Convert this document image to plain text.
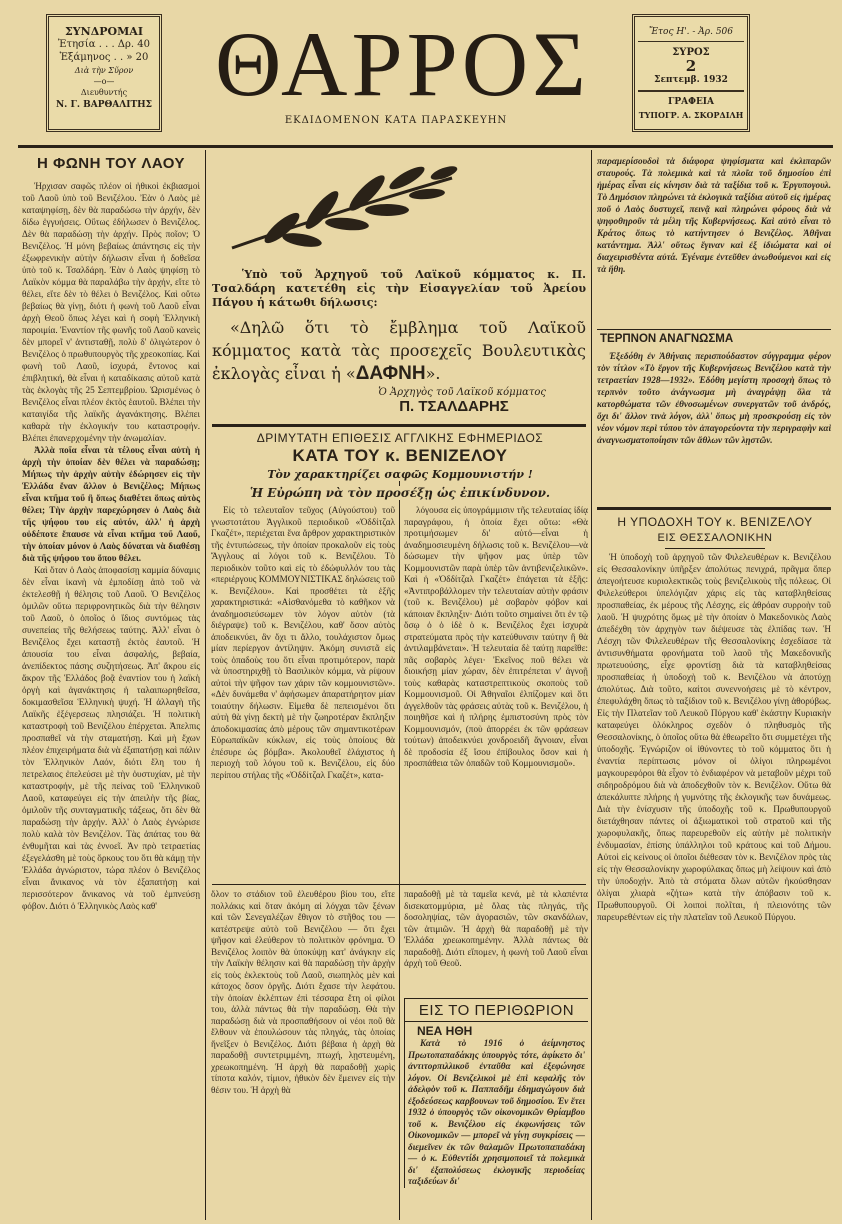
ΣΥΝΔΡΟΜΑΙ
Ἐτησία . . . Δρ. 40
Ἑξάμηνος . . » 20
Διὰ τὴν Σῦρον
—ο—
Διευθυντής
Ν. Γ. ΒΑΡΘΑΛΙΤΗΣ ΘΑΡΡΟΣ
ΕΚΔΙΔΟΜΕΝΟΝ ΚΑΤΑ ΠΑΡΑΣΚΕΥΗΝ
Ἔτος Η'. - Ἀρ. 506
ΣΥΡΟΣ
2
Σεπτεμβ. 1932
ΓΡΑΦΕΙΑ
ΤΥΠΟΓΡ. Α. ΣΚΟΡΔΙΛΗ
Η ΦΩΝΗ ΤΟΥ ΛΑΟΥ

Ἠρχισαν σαφῶς πλέον οἱ ἠθικοὶ ἐκβιασμοὶ τοῦ Λαοῦ ὑπὸ τοῦ Βενιζέλου. Ἐὰν ὁ Λαὸς μὲ καταψηφίσῃ, δὲν θὰ παραδώσω τὴν ἀρχήν, δὲν δίδω ἐγγυήσεις. Οὕτως ἐδήλωσεν ὁ Βενιζέλος. Δὲν θὰ παραδώσῃ τὴν ἀρχήν. Πρὸς ποῖον; Ὁ Βενιζέλος. Ἡ μόνη βεβαίως ἀπάντησις εἰς τὴν ἐξωφρενικὴν αὐτὴν δήλωσιν εἶναι ἡ δοθεῖσα ὑπὸ τοῦ κ. Τσαλδάρη. Ἐὰν ὁ Λαὸς ψηφίσῃ τὸ Λαϊκὸν κόμμα θὰ παραλάβω τὴν ἀρχήν, εἴτε τὸ θέλει, εἴτε δὲν τὸ θέλει ὁ Βενιζέλος. Καὶ οὕτω βεβαίως θὰ γίνῃ, διότι ἡ φωνὴ τοῦ Λαοῦ εἶναι ἀρχὴ Θεοῦ ὅπως λέγει καὶ ἡ σοφὴ Ἑλληνικὴ παροιμία. Ἐναντίον τῆς φωνῆς τοῦ Λαοῦ κανεὶς δὲν μπορεῖ ν' ἀντισταθῇ, πολὺ δ' ὀλιγώτερον ὁ Βενιζέλος ὁ πρωθυπουργὸς τῆς χρεοκοπίας. Καὶ φωνὴ τοῦ Λαοῦ, ἰσχυρά, ἔντονος καὶ ἐπιβλητική, θὰ εἶναι ἡ καταδίκασις αὐτοῦ κατὰ τὰς ἐκλογὰς τῆς 25 Σεπτεμβρίου. Ὡρισμένως ὁ Βενιζέλος εἶναι πλέον ἐκτὸς ἑαυτοῦ. Βλέπει τὴν καταιγίδα τῆς λαϊκῆς ἀγανάκτησης. Βλέπει καθαρὰ τὴν ἐκλογικήν του καταστροφήν. Βλέπει ἐπανερχομένην τὴν ἀνωμαλίαν.

Ἀλλὰ ποῖα εἶναι τὰ τέλους εἶναι αὐτὴ ἡ ἀρχὴ τὴν ὁποίαν δὲν θέλει νὰ παραδώσῃ; Μήπως τὴν ἀρχὴν αὐτὴν ἐδώρησεν εἰς τὴν Ἑλλάδα ἔναν ἄλλον ὁ Βενιζέλος; Μήπως εἶναι κτῆμα τοῦ ἢ ὅπως διαθέτει ὅπως αὐτὸς θέλει; Τὴν ἀρχὴν παρεχώρησεν ὁ Λαὸς διὰ τῆς ψήφου του εἰς αὐτόν, ἀλλ' ἡ ἀρχὴ οὐδέποτε ἔπαυσε νὰ εἶναι κτῆμα τοῦ Λαοῦ, τὴν ὁποίαν μόνον ὁ Λαὸς δύναται νὰ διαθέσῃ διὰ τῆς ψήφου του ὅπου θέλει.

Καὶ ὅταν ὁ Λαὸς ἀποφασίσῃ καμμία δύναμις δὲν εἶναι ἱκανὴ νὰ ἐμποδίσῃ ἀπὸ τοῦ νὰ ἐκτελεσθῇ ἡ θέλησις τοῦ Λαοῦ. Ὁ Βενιζέλος ὁμιλῶν οὕτω περιφρονητικῶς διὰ τὴν θέλησιν τοῦ Λαοῦ, ὁ ὁποῖος ὁ ἴδιος συντόμως τὰς συνεπείας τῆς θελήσεως ταύτης. Ἀλλ' εἶναι ὁ Βενιζέλος ἔχει καταστῇ ἐκτὸς ἑαυτοῦ. Ἡ ἀπουσία του εἶναι ἀσφαλής, βεβαία, ἀνεπίδεκτος πάσης συζητήσεως. Ἀπ' ἄκρου εἰς ἄκρον τῆς Ἑλλάδος βοᾷ ἐναντίον του ἡ λαϊκὴ ὀργὴ καὶ ἀγανάκτησις ἡ ταλαιπωρηθεῖσα, δοκιμασθεῖσα Ἑλληνικὴ ψυχή. Ἡ ἀλλαγὴ τῆς Λαϊκῆς ἐξέγερσεως πλησιάζει. Ἡ πολιτικὴ καταστροφὴ τοῦ Βενιζέλου ἐπέρχεται. Ἀπελπις προσπαθεῖ νὰ τὴν σταματήσῃ. Καὶ μὴ ἔχων πλέον ἐπιχειρήματα διὰ νὰ ἐξαπατήσῃ καὶ πάλιν τὸν Ἑλληνικὸν Λαόν, διότι ἔλη του ἡ πετρελαιος ἐπελεύσει μὲ τὴν ὀυστυχίαν, μὲ τὴν καταστροφήν, μὲ τῆς πείνας τοῦ Ἑλληνικοῦ Λαοῦ, καταφεύγει εἰς τὴν ἀπειλὴν τῆς βίας, ὁμιλοῦν τῆς συνταγματικῆς τάξεως, ὅτι δὲν θὰ παραδώσῃ τὴν ἀρχήν. Ἀλλ' ὁ Λαὸς ἐγνώρισε πολὺ καλὰ τὸν Βενιζέλον. Τὰς ἀπάτας του θὰ ἐνθυμῆται καὶ τὰς ἐννοεῖ. Ἀν πρὸ τετραετίας ἐξεγελάσθη μὲ τοὺς ὅρκους του ὅτι θὰ κάμῃ τὴν Ἑλλάδα ἀγνώριστον, τώρα πλέον ὁ Βενιζέλος εἶναι ἄνικανος νὰ τὸν ἐξαπατήσῃ καὶ περισσότερον ἄνικανος νὰ τοῦ ἐμπνεύσῃ φόβον. Διότι ὁ Ἑλληνικὸς Λαὸς καθ'

Ὑπὸ τοῦ Ἀρχηγοῦ τοῦ Λαϊκοῦ κόμματος κ. Π. Τσαλδάρη κατετέθη εἰς τὴν Εἰσαγγελίαν τοῦ Ἀρείου Πάγου ἡ κάτωθι δήλωσις:

«Δηλῶ ὅτι τὸ ἔμβλημα τοῦ Λαϊκοῦ κόμματος κατὰ τὰς προσεχεῖς Βουλευτικὰς ἐκλογὰς εἶναι ἡ «ΔΑΦΝΗ».

Ὁ Ἀρχηγὸς τοῦ Λαϊκοῦ κόμματος
Π. ΤΣΑΛΔΑΡΗΣ
ΔΡΙΜΥΤΑΤΗ ΕΠΙΘΕΣΙΣ ΑΓΓΛΙΚΗΣ ΕΦΗΜΕΡΙΔΟΣ
ΚΑΤΑ ΤΟΥ κ. ΒΕΝΙΖΕΛΟΥ
Τὸν χαρακτηρίζει σαφῶς Κομμουνιστήν !
Ἡ Εὐρώπη νὰ τὸν προσέξῃ ὡς ἐπικίνδυνον.

Εἰς τὸ τελευταῖον τεῦχος (Αὐγούστου) τοῦ γνωστοτάτου Ἀγγλικοῦ περιοδικοῦ «Ὀδδίτζαλ Γκαζέτ», περιέχεται ἕνα ἄρθρον χαρακτηριστικὸν τῆς ἐντυπώσεως, τὴν ὁποίαν προκαλοῦν εἰς τοὺς Ἄγγλους αἱ λόγοι τοῦ κ. Βενιζέλου. Τὸ περιοδικὸν τοῦτο καὶ εἰς τὸ ἐδώφυλλόν του τὰς «περιέργους ΚΟΜΜΟΥΝΙΣΤΙΚΑΣ δηλώσεις τοῦ κ. Βενιζέλου». Καὶ προσθέτει τὰ ἑξῆς χαρακτηριστικά: «Αἰσθανόμεθα τὸ καθῆκον νὰ ἀναδημοσιεύσωμεν τὸν λόγον αὐτὸν (τὰ διέγραψε) τοῦ κ. Βενιζέλου, καθ' ὅσον αὐτὸς ἀποδεικνύει, ἂν ὄχι τι ἄλλο, τουλάχιστον ὅμως μίαν περίεργον ἀντίληψιν. Ἀκόμη συνιστᾶ εἰς τοὺς ὀπαδοὺς του ὅτι εἶναι προτιμότερον, παρὰ νὰ ὑποστηριχθῇ τὸ Βασιλικὸν κόμμα, νὰ ρίψουν αὐτοὶ τὴν ψῆφον των χάριν τῶν κομμουνιστῶν». «Δὲν δυνάμεθα ν' ἀφήσωμεν ἀπαρατήρητον μίαν τοιαύτην δήλωσιν. Εἰμεθα δὲ πεπεισμένοι ὅτι αὐτὴ θὰ γίνῃ δεκτὴ μὲ τὴν ζωηροτέραν ἔκπληξιν ἀποδοκιμασίας ἀπὸ μέρους τῶν σημαντικοτέρων Εὐρωπαϊκῶν κύκλων, εἰς τοὺς ὁποίους θὰ ἐπέσυρε ὡς βόμβα». Ἀκολουθεῖ ἐλάχιστος ἡ περιοχὴ τοῦ λόγου τοῦ κ. Βενιζέλου, εἰς δύο περίπου στήλας τῆς «Ὀδδίτζαλ Γκαζέτ», κατα-

λόγουσα εἰς ὑπογράμμισιν τῆς τελευταίας ἰδίᾳ παραγράφου, ἡ ὁποία ἔχει οὕτω: «Θὰ προτιμήσωμεν δι' αὐτό—εἶναι ἡ ἀναδημοσιευμένη δήλωσις τοῦ κ. Βενιζέλου—νὰ δώσωμεν τὴν ψῆφον μας ὑπὲρ τῶν Κομμουνιστῶν παρὰ ὑπὲρ τῶν ἀντιβενιζελικῶν». Καὶ ἡ «Ὀδδίτζαλ Γκαζέτ» ἐπάγεται τὰ ἑξῆς: «Ἀντιπροβάλλομεν τὴν τελευταίαν αὐτὴν φράσιν (τοῦ κ. Βενιζέλου) μὲ σοβαρὸν φόβον καὶ κάποιαν ἔκπληξιν· Διότι τοῦτο σημαίνει ὅτι ἐν τῷ ὅσῳ ὁ ὁ ἰδὲ ὁ κ. Βενιζέλος ἔχει ἰσχυρὰ στρατεύματα πρὸς τὴν κατεύθυνσιν ταύτην ἢ θὰ ἀντιλαμβάνεται». Ἡ τελευταία δὲ ταύτῃ παρεῖθε: πᾶς σοβαρὸς λέγει· Ἐκεῖνος ποῦ θέλει νὰ διοικήσῃ μίαν χώραν, δὲν ἐπιτρέπεται ν' ἀγνοῇ τοὺς καθαρὰς καταστρεπτικοὺς σκοποὺς τοῦ Κομμουνισμοῦ. Οἱ Ἀθηναῖοι ἐλπίζομεν καὶ ὅτι ἀγγελθοῦν τὰς φράσεις αὐτὰς τοῦ κ. Βενιζέλου, ἡ ποιηθῆσε καὶ ἡ πλήρης ἐμπιστοσύνη πρὸς τὸν Κομμουνισμόν, (ποὺ ἀπορρέει ἐκ τῶν φράσεων τούτων) ἀποδεικνύει χονδροειδῆ ἄγνοιαν, εἶναι δὲ προδοσία ἐξ ἴσου ἐπίβουλος ὅσον καὶ ἡ προσπάθεια τῶν ὀπαδῶν τοῦ Κομμουνισμοῦ».

ὅλον το στάδιον τοῦ ἐλευθέρου βίου του, εἴτε πολλάκις καὶ ὅταν ἀκόμη αἱ λόγχαι τῶν ξένων καὶ τῶν Σενεγαλέζων ἔθιγον τὸ στῆθος του — κατέστρεψε αὐτὸ τοῦ Βενιζέλου — ὅτι ἔχει ψῆφον καὶ ἐλεύθερον τὸ πολιτικὸν φρόνημα. Ὁ Βενιζέλος λοιπὸν θὰ ὑποκύψῃ κατ' ἀνάγκην εἰς τὴν Λαϊκὴν θέλησιν καὶ θὰ παραδώσῃ τὴν ἀρχὴν εἰς τοὺς ἐκλεκτοὺς τοῦ Λαοῦ, σιωπηλὸς μὲν καὶ κάτοχος ὅσον ὀργῆς. Διότι ἔχασε τὴν λεφάτου. τὴν ὁποίαν ἐκλέπτων ἐπὶ τέσσαρα ἔτη οἱ φίλοι του, ἀλλὰ πάντως θὰ τὴν παραδώσῃ. Θὰ τὴν παραδώσῃ διὰ νὰ προσπαθήσουν οἱ νέοι ποῦ θὰ ἔλθουν νὰ ἐπουλώσουν τὰς πληγάς, τὰς ὁποίας ἤνεῖξεν ὁ Βενιζέλος. Διότι βέβαια ἡ ἀρχὴ θὰ παραδοθῇ συντετριμμένη, πτωχή, λῃστευμένη, χρεωκοπημένη. Ἡ ἀρχὴ θὰ παραδοθῇ χωρὶς τίποτα καλόν, τίμιον, ἠθικὸν δὲν ἔμεινεν εἰς τὴν θέσιν του. Ἡ ἀρχὴ θὰ

παραδοθῇ μὲ τὰ ταμεῖα κενά, μὲ τὰ κλαπέντα δισεκατομμύρια, μὲ ὅλας τὰς πληγάς, τῆς δοσοληψίας, τῶν ἀγορασιῶν, τῶν σκανδάλων, τῶν ἀτιμιῶν. Ἡ ἀρχὴ θὰ παραδοθῇ μὲ τὴν Ἑλλάδα χρεωκοπημένην. Ἀλλὰ πάντως θὰ παραδοθῇ. Διότι εἴπομεν, ἡ φωνὴ τοῦ Λαοῦ εἶναι ἀρχὴ τοῦ Θεοῦ.

ΕΙΣ ΤΟ ΠΕΡΙΘΩΡΙΟΝ
ΝΕΑ ΗΘΗ
Κατὰ τὸ 1916 ὁ ἀείμνηστος Πρωτοπαπαδάκης ὑπουργὸς τότε, ἀφίκετο δι' ἀντιτορπιλλικοῦ ἐνταῦθα καὶ ἐξεφώνησε λόγον. Οἱ Βενιζελικοὶ μὲ ἐπὶ κεφαλῆς τὸν ἀδελφὸν τοῦ κ. Παππαδῆμ ἐδημαγώγουν διὰ ἐξοδεύσεως καρβουνων τοῦ δημοσίου. Ἐν ἔτει 1932 ὁ ὑπουργὸς τῶν οἰκονομικῶν Θρίαμβου τοῦ κ. Βενιζέλου εἰς ἐκφωνήσεις τῶν Οἰκονομικῶν — μπορεῖ νὰ γίνῃ συγκρίσεις — διεμεῖνεν ἐκ τῶν θαλαμῶν Πρωτοπαπαδάκη — ὁ κ. Εὐθεντίδι χρησιμοποιεῖ τὰ πολεμικὰ δι' ἐξαπολύσεως ἐκλογικῆς περιοδείας ταξιδεύων δι'
παραμερίσουδοὶ τὰ διάφορα ψηφίσματα καὶ ἐκλιπαρῶν σταυρούς. Τὰ πολεμικὰ καὶ τὰ πλοῖα τοῦ δημοσίου ἐπὶ ἡμέρας εἶναι εἰς κίνησιν διὰ τὰ ταξίδια τοῦ κ. Ἐργυπογουλ. Τὸ Δημόσιον πληρώνει τὰ ἐκλογικὰ ταξίδια αὐτοῦ εἰς ἡμέρας ποῦ ὁ Λαὸς δυστυχεῖ, πεινᾷ καὶ πληρώνει φόρους διὰ νὰ ψηφοθηροῦν τὰ μέλη τῆς Κυβερνήσεως. Καὶ αὐτὸ εἶναι τὸ Κράτος ὅπως τὸ κατήντησεν ὁ Βενιζέλος. Ἀθῆναι κατάντημα. Ἀλλ' οὕτως ἔγιναν καὶ ἐξ ἰδιώματα καὶ οἱ διαχειρισθέντα αὐτά. Ἐγέναμε ἐντεῦθεν ἀνωθούμενοι καὶ εἰς τὰ ἤθη.
ΤΕΡΠΝΟΝ ΑΝΑΓΝΩΣΜΑ
Ἐξεδόθη ἐν Ἀθήναις περισπούδαστον σύγγραμμα φέρον τὸν τίτλον «Τὸ ἔργον τῆς Κυβερνήσεως Βενιζέλου κατὰ τὴν τετραετίαν 1928—1932». Ἐδόθη μεγίστη προσοχὴ ὅπως τὸ τερπνὸν τοῦτο ἀνάγνωσμα μὴ ἀναγράψῃ ὅλα τὰ κατορθώματα τῶν ἐθνοσωμένων συνεργατῶν τοῦ ἀνδρός, ὄχι δι' ἄλλον τινὰ λόγον, ἀλλ' ὅπως μὴ προσκρούσῃ εἰς τὸν νέον νόμον περὶ τύπου τὸν ἀπαγορεύοντα τὴν περιγραφὴν καὶ ἀναγνωσματοποίησιν τῶν ἄθλων τῶν λῃστῶν.
Η ΥΠΟΔΟΧΗ ΤΟΥ κ. ΒΕΝΙΖΕΛΟΥ
ΕΙΣ ΘΕΣΣΑΛΟΝΙΚΗΝ
Ἡ ὑποδοχὴ τοῦ ἀρχηγοῦ τῶν Φιλελευθέρων κ. Βενιζέλου εἰς Θεσσαλονίκην ὑπῆρξεν ἀπολύτως πενιχρά, πρᾶγμα ὅπερ ἀπεγοήτευσε κυριολεκτικῶς τοὺς βενιζελικοὺς τῆς πόλεως. Οἱ Φιλελεύθεροι ὑπελόγιζαν χάρις εἰς τὰς καταβληθείσας προσπαθείας, ἐκ μέρους τῆς Λέσχης, εἰς ἀθρόαν συρροὴν τοῦ λαοῦ. Ἡ ψυχρότης ὅμως μὲ τὴν ὁποίαν ὁ Μακεδονικὸς Λαὸς ἀπεδέχθη τὸν ἀρχηγὸν των διέψευσε τὰς ἐλπίδας των. Ἡ Λέσχη τῶν Φιλελευθέρων τῆς Θεσσαλονίκης ἐσχεδίασε τὰ ἀντισυνθήματα φρονήματα τοῦ λαοῦ τῆς Μακεδονικῆς πρωτευούσης, εἶχε φροντίσῃ διὰ τὰ καταβληθείσας προσπαθείας ἡ ὑποδοχὴ τοῦ κ. Βενιζέλου νὰ ἀποτύχῃ ἀπολύτως. Διὰ τοῦτο, καίτοι συνεννοήσεις μὲ τὸ κέντρον, ἐπεφυλάχθη ὅπως τὸ ταξίδιον τοῦ κ. Βενιζέλου γίνῃ ἀθορύβως. Εἰς τὴν Πλατεῖαν τοῦ Λευκοῦ Πύργου καθ' ἑκάστην Κυριακὴν καταφεύγει ὁλόκληρος σχεδὸν ὁ πληθυσμὸς τῆς Θεσσαλονίκης, ὁ ὁποῖος οὕτω θὰ ἐθεωρεῖτο ὅτι συμμετέχει τῆς ὑποδοχῆς. Ἐγνώριζον οἱ ἰθύνοντες τὸ τοῦ κόμματος ὅτι ἡ ἐναντία περίπτωσις μόνον οἱ ὀλίγοι πληρωμένοι μαγκουρεφόροι θὰ εἶχον τὸ ἐνδιαφέρον νὰ μεταβοῦν μέχρι τοῦ σιδηροδρόμου διὰ νὰ ἀποδεχθοῦν τὸν κ. Βενιζέλον. Οὕτω θὰ ἀπεκάλυπτε πλήρης ἡ γυμνότης τῆς ἐκλογικῆς των δυνάμεως. Διὰ τὴν ἐνίσχυσιν τῆς ὑποδοχῆς τοῦ κ. Πρωθυπουργοῦ διετάχθησαν πάντες οἱ ἀξιωματικοὶ τοῦ στρατοῦ καὶ τῆς χωροφυλακῆς, ὅπως παρευρεθοῦν εἰς αὐτὴν μὲ πολιτικὴν ἐνδυμασίαν, ἐπίσης ὑπάλληλοι τοῦ κράτους καὶ τοῦ Δήμου. Αὐτοὶ εἰς κείνους οἱ ὁποῖοι διέθεσαν τὸν κ. Βενιζέλον πρὸς τὰς εἰς τὴν Θεσσαλονίκην χωροφύλακας ὅπως μὴ λείψουν καὶ ἀπὸ τὴν ὑποδοχήν. Ἀπὸ τὰ στόματα ὅλων αὐτῶν ἠκούσθησαν ὀλίγαι χλιαρὰ «ζήτω» κατὰ τὴν ἀπόβασιν τοῦ κ. Πρωθυπουργοῦ. Οἱ λοιποὶ πολῖται, ἡ πλειονότης τῶν παρευρεθέντων εἰς τὴν πλατεῖαν τοῦ Λευκοῦ Πύργου.
